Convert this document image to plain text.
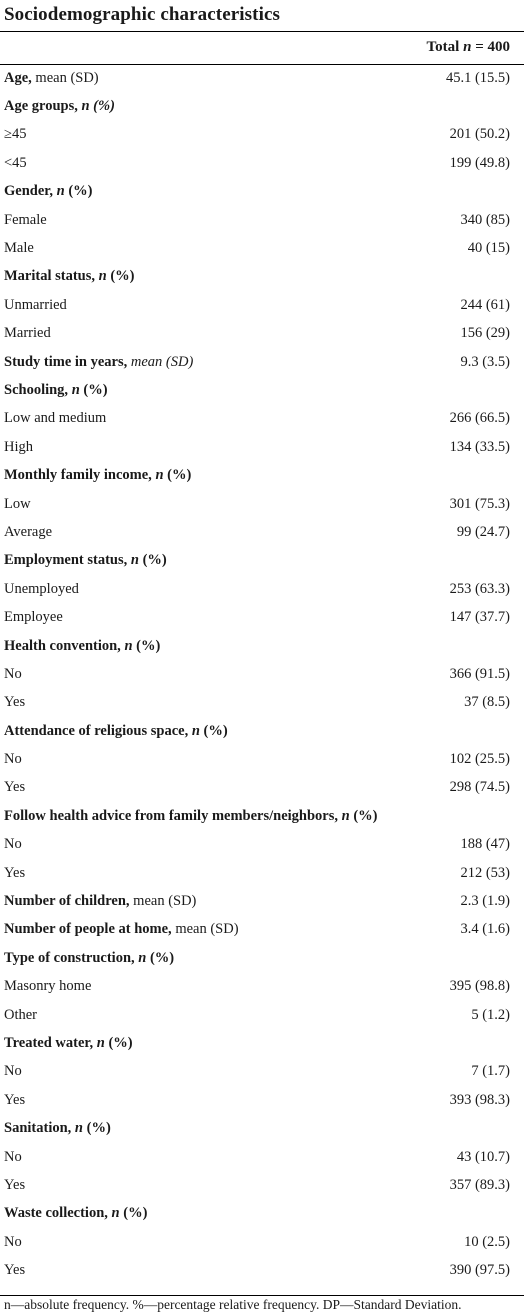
Sociodemographic characteristics
Total n = 400
Age, mean (SD)	45.1 (15.5)
Age groups, n (%)	
≥45	201 (50.2)
<45	199 (49.8)
Gender, n (%)	
Female	340 (85)
Male	40 (15)
Marital status, n (%)	
Unmarried	244 (61)
Married	156 (29)
Study time in years, mean (SD)	9.3 (3.5)
Schooling, n (%)	
Low and medium	266 (66.5)
High	134 (33.5)
Monthly family income, n (%)	
Low	301 (75.3)
Average	99 (24.7)
Employment status, n (%)	
Unemployed	253 (63.3)
Employee	147 (37.7)
Health convention, n (%)	
No	366 (91.5)
Yes	37 (8.5)
Attendance of religious space, n (%)	
No	102 (25.5)
Yes	298 (74.5)
Follow health advice from family members/neighbors, n (%)	
No	188 (47)
Yes	212 (53)
Number of children, mean (SD)	2.3 (1.9)
Number of people at home, mean (SD)	3.4 (1.6)
Type of construction, n (%)	
Masonry home	395 (98.8)
Other	5 (1.2)
Treated water, n (%)	
No	7 (1.7)
Yes	393 (98.3)
Sanitation, n (%)	
No	43 (10.7)
Yes	357 (89.3)
Waste collection, n (%)	
No	10 (2.5)
Yes	390 (97.5)
n—absolute frequency. %—percentage relative frequency. DP—Standard Deviation.
